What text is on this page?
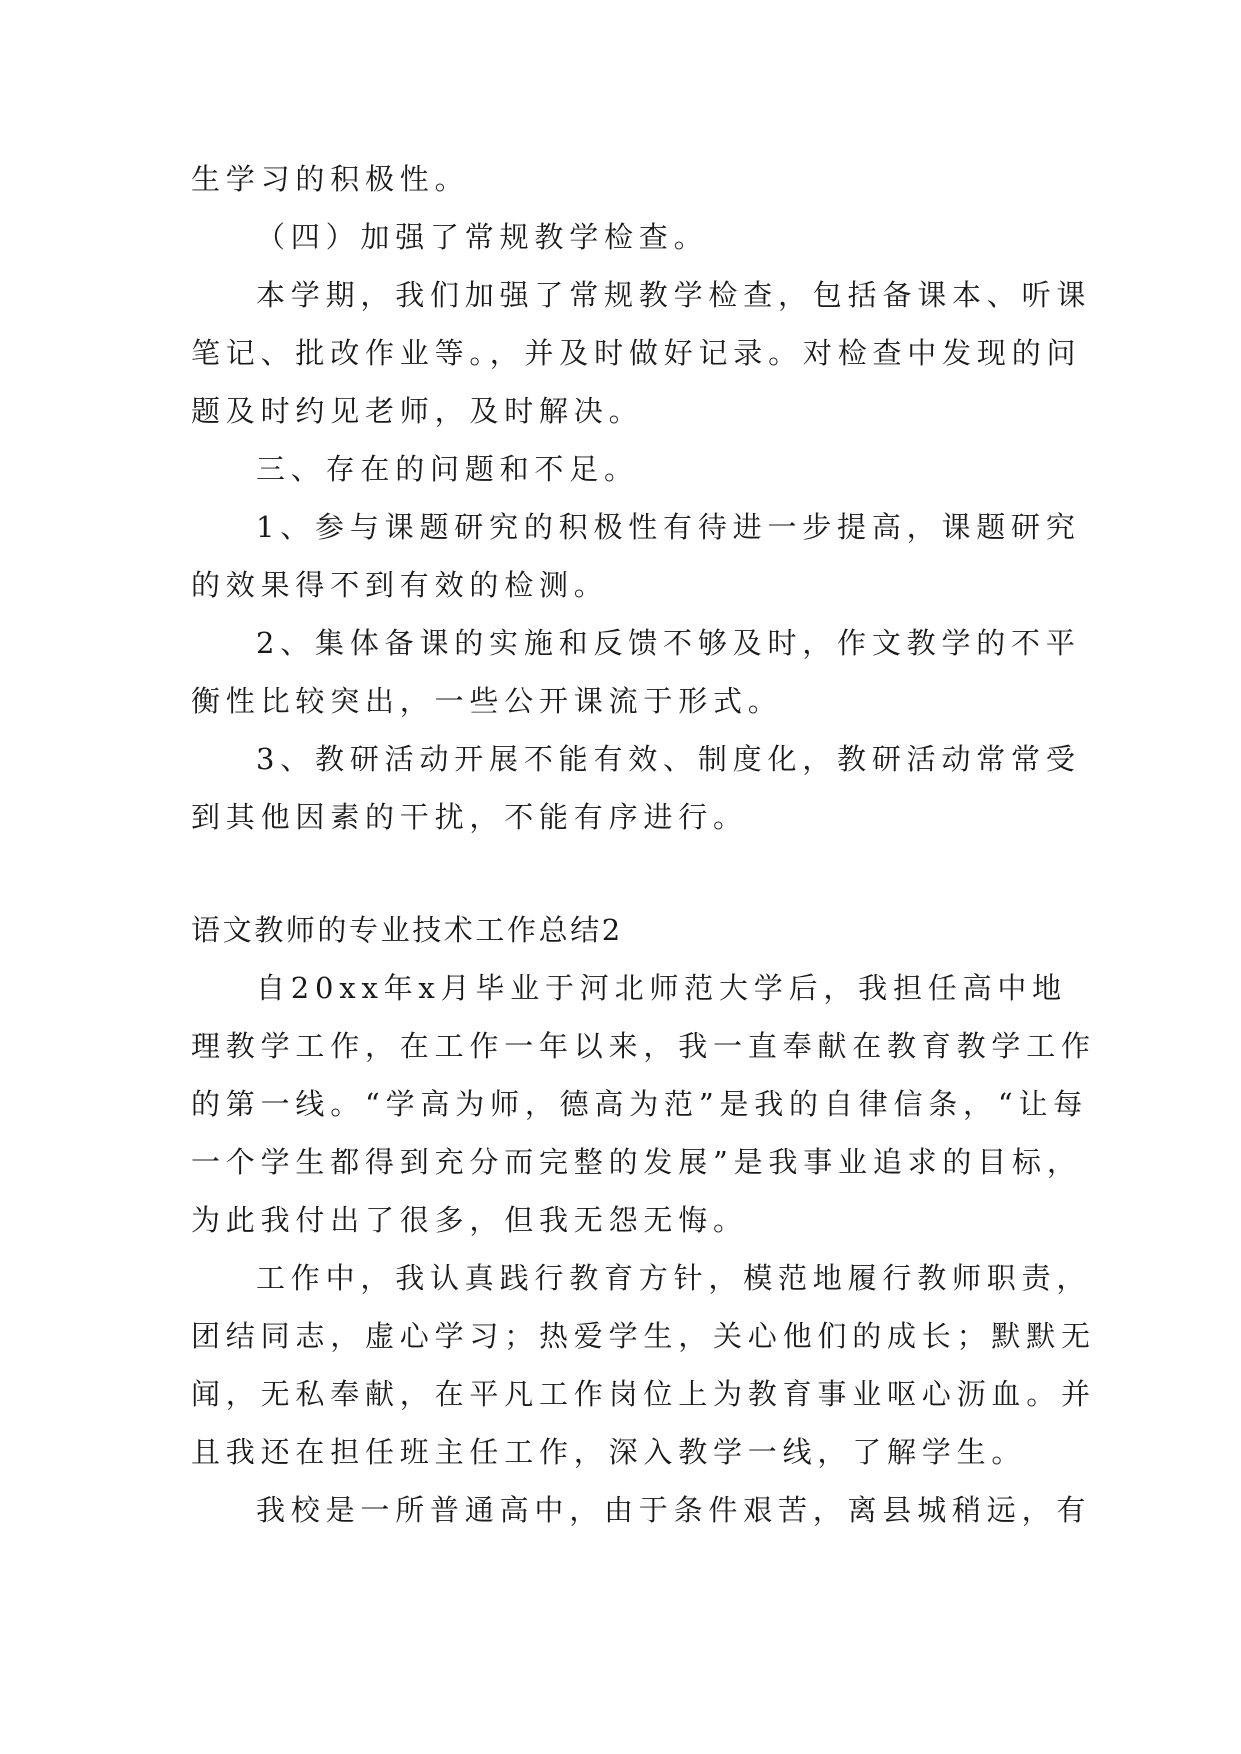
生学习的积极性。
（四）加强了常规教学检查。
本学期，我们加强了常规教学检查，包括备课本、听课
笔记、批改作业等。，并及时做好记录。对检查中发现的问
题及时约见老师，及时解决。
三、存在的问题和不足。
1、参与课题研究的积极性有待进一步提高，课题研究
的效果得不到有效的检测。
2、集体备课的实施和反馈不够及时，作文教学的不平
衡性比较突出，一些公开课流于形式。
3、教研活动开展不能有效、制度化，教研活动常常受
到其他因素的干扰，不能有序进行。
语文教师的专业技术工作总结2
自20xx年x月毕业于河北师范大学后，我担任高中地
理教学工作，在工作一年以来，我一直奉献在教育教学工作
的第一线。“学高为师，德高为范”是我的自律信条，“让每
一个学生都得到充分而完整的发展”是我事业追求的目标，
为此我付出了很多，但我无怨无悔。
工作中，我认真践行教育方针，模范地履行教师职责，
团结同志，虚心学习；热爱学生，关心他们的成长；默默无
闻，无私奉献，在平凡工作岗位上为教育事业呕心沥血。并
且我还在担任班主任工作，深入教学一线，了解学生。
我校是一所普通高中，由于条件艰苦，离县城稍远，有
